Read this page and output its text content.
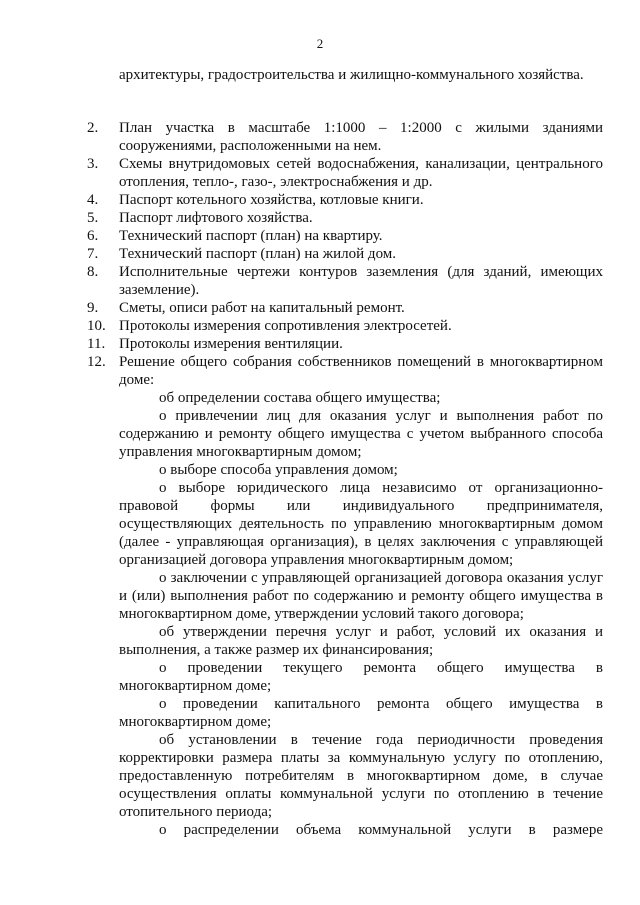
2

архитектуры, градостроительства и жилищно-коммунального хозяйства.

2. План участка в масштабе 1:1000 – 1:2000 с жилыми зданиями сооружениями, расположенными на нем.
3. Схемы внутридомовых сетей водоснабжения, канализации, центрального отопления, тепло-, газо-, электроснабжения и др.
4. Паспорт котельного хозяйства, котловые книги.
5. Паспорт лифтового хозяйства.
6. Технический паспорт (план) на квартиру.
7. Технический паспорт (план) на жилой дом.
8. Исполнительные чертежи контуров заземления (для зданий, имеющих заземление).
9. Сметы, описи работ на капитальный ремонт.
10. Протоколы измерения сопротивления электросетей.
11. Протоколы измерения вентиляции.
12. Решение общего собрания собственников помещений в многоквартирном доме:

об определении состава общего имущества;

о привлечении лиц для оказания услуг и выполнения работ по содержанию и ремонту общего имущества с учетом выбранного способа управления многоквартирным домом;

о выборе способа управления домом;

о выборе юридического лица независимо от организационно-правовой формы или индивидуального предпринимателя, осуществляющих деятельность по управлению многоквартирным домом (далее - управляющая организация), в целях заключения с управляющей организацией договора управления многоквартирным домом;

о заключении с управляющей организацией договора оказания услуг и (или) выполнения работ по содержанию и ремонту общего имущества в многоквартирном доме, утверждении условий такого договора;

об утверждении перечня услуг и работ, условий их оказания и выполнения, а также размер их финансирования;

о проведении текущего ремонта общего имущества в многоквартирном доме;

о проведении капитального ремонта общего имущества в многоквартирном доме;

об установлении в течение года периодичности проведения корректировки размера платы за коммунальную услугу по отоплению, предоставленную потребителям в многоквартирном доме, в случае осуществления оплаты коммунальной услуги по отоплению в течение отопительного периода;

о распределении объема коммунальной услуги в размере
